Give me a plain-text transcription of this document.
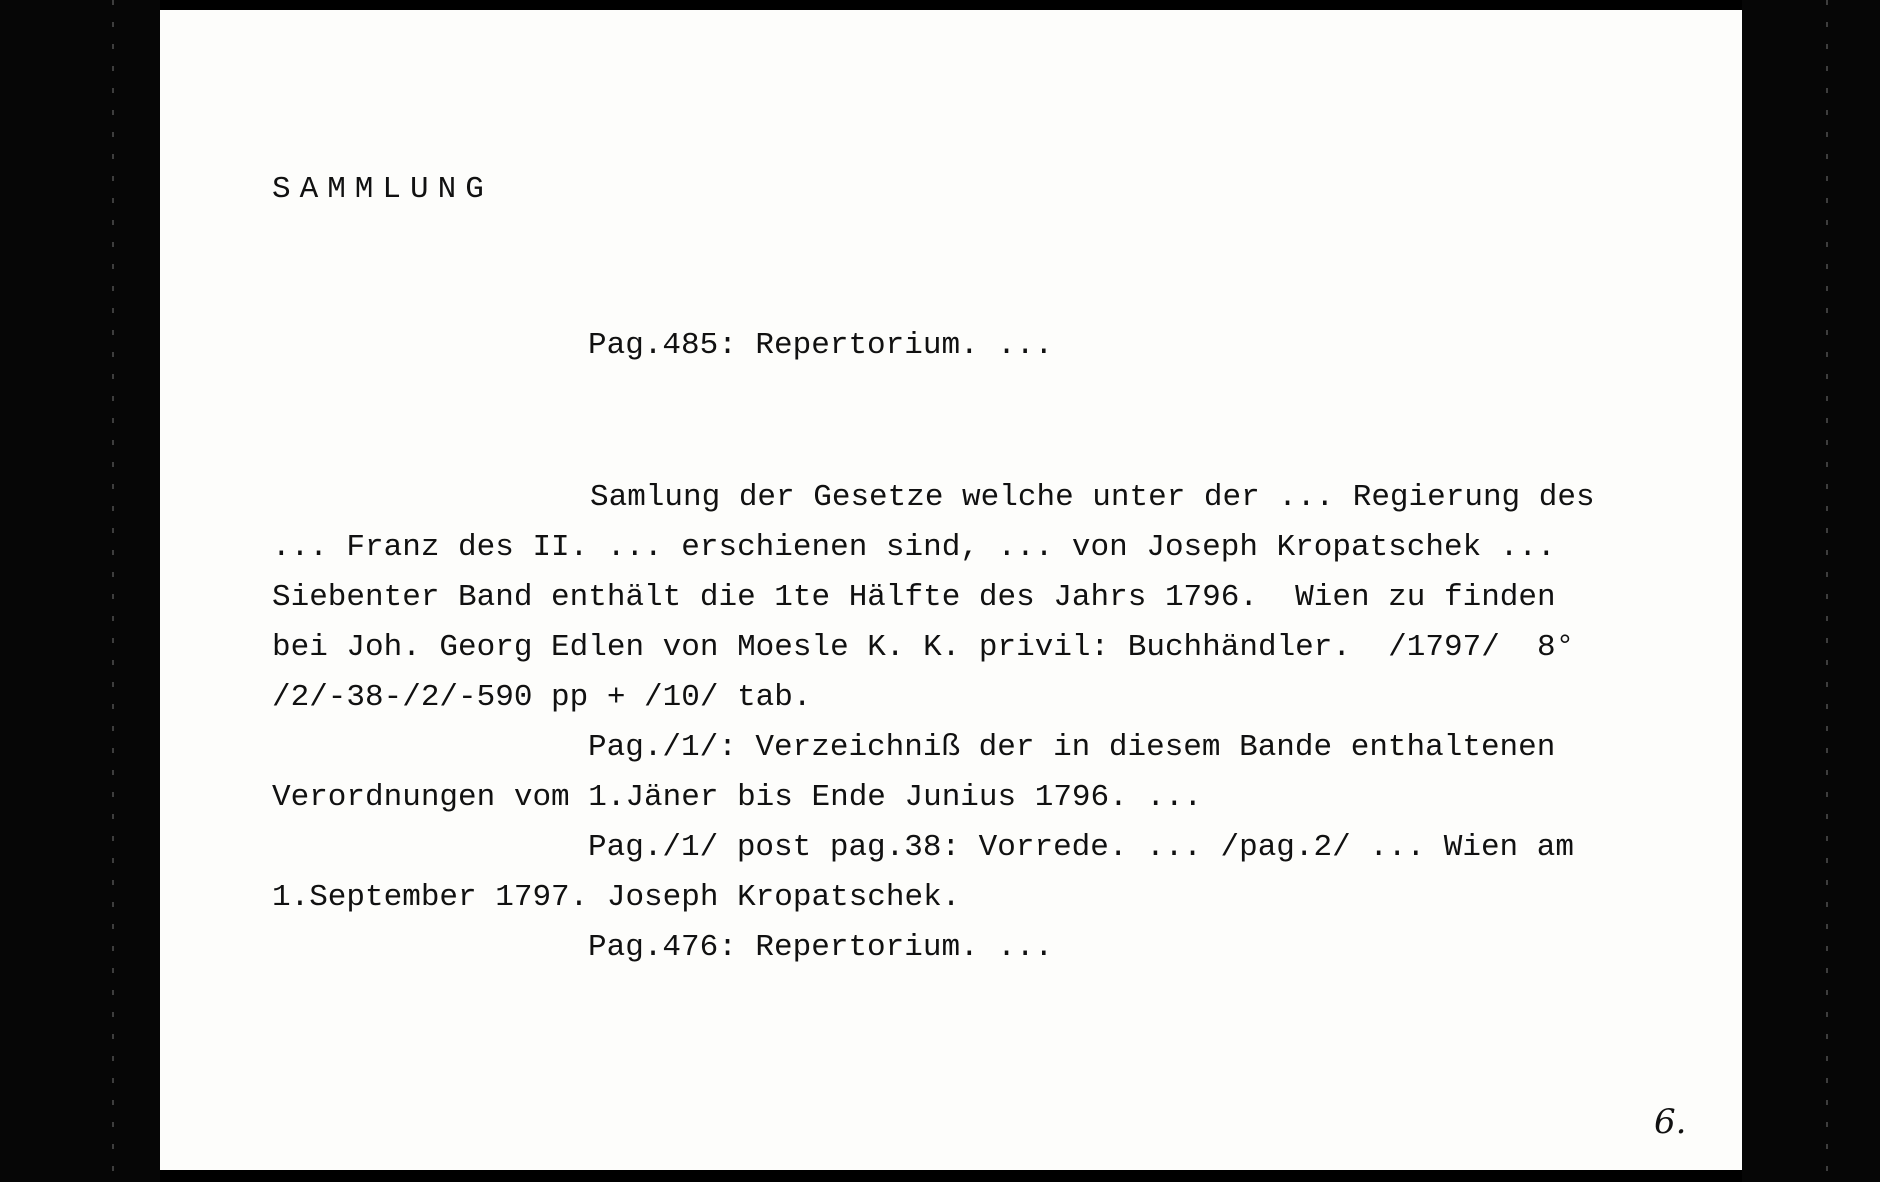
SAMMLUNG
Pag.485: Repertorium. ...
Samlung der Gesetze welche unter der ... Regierung des
... Franz des II. ... erschienen sind, ... von Joseph Kropatschek ...
Siebenter Band enthält die 1te Hälfte des Jahrs 1796.  Wien zu finden
bei Joh. Georg Edlen von Moesle K. K. privil: Buchhändler.  /1797/  8°
/2/-38-/2/-590 pp + /10/ tab.
Pag./1/: Verzeichniß der in diesem Bande enthaltenen
Verordnungen vom 1.Jäner bis Ende Junius 1796. ...
Pag./1/ post pag.38: Vorrede. ... /pag.2/ ... Wien am
1.September 1797. Joseph Kropatschek.
Pag.476: Repertorium. ...
6.
